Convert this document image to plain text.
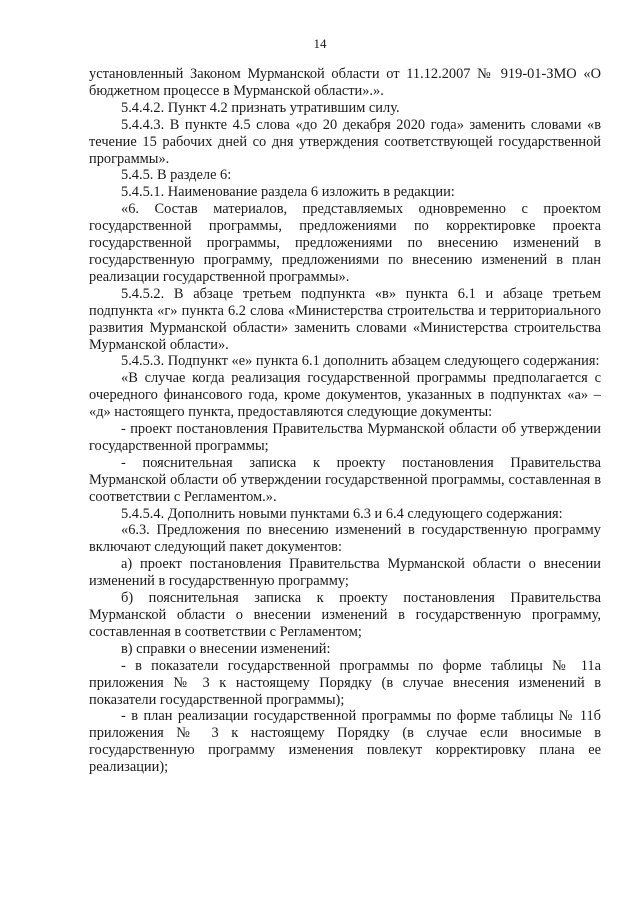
14

установленный Законом Мурманской области от 11.12.2007 № 919-01-ЗМО «О бюджетном процессе в Мурманской области».».

5.4.4.2. Пункт 4.2 признать утратившим силу.

5.4.4.3. В пункте 4.5 слова «до 20 декабря 2020 года» заменить словами «в течение 15 рабочих дней со дня утверждения соответствующей государственной программы».

5.4.5. В разделе 6:

5.4.5.1. Наименование раздела 6 изложить в редакции:

«6. Состав материалов, представляемых одновременно с проектом государственной программы, предложениями по корректировке проекта государственной программы, предложениями по внесению изменений в государственную программу, предложениями по внесению изменений в план реализации государственной программы».

5.4.5.2. В абзаце третьем подпункта «в» пункта 6.1 и абзаце третьем подпункта «г» пункта 6.2 слова «Министерства строительства и территориального развития Мурманской области» заменить словами «Министерства строительства Мурманской области».

5.4.5.3. Подпункт «е» пункта 6.1 дополнить абзацем следующего содержания:

«В случае когда реализация государственной программы предполагается с очередного финансового года, кроме документов, указанных в подпунктах «а» – «д» настоящего пункта, предоставляются следующие документы:

- проект постановления Правительства Мурманской области об утверждении государственной программы;

- пояснительная записка к проекту постановления Правительства Мурманской области об утверждении государственной программы, составленная в соответствии с Регламентом.».

5.4.5.4. Дополнить новыми пунктами 6.3 и 6.4 следующего содержания:

«6.3. Предложения по внесению изменений в государственную программу включают следующий пакет документов:

а) проект постановления Правительства Мурманской области о внесении изменений в государственную программу;

б) пояснительная записка к проекту постановления Правительства Мурманской области о внесении изменений в государственную программу, составленная в соответствии с Регламентом;

в) справки о внесении изменений:

- в показатели государственной программы по форме таблицы № 11а приложения № 3 к настоящему Порядку (в случае внесения изменений в показатели государственной программы);

- в план реализации государственной программы по форме таблицы № 11б приложения № 3 к настоящему Порядку (в случае если вносимые в государственную программу изменения повлекут корректировку плана ее реализации);
